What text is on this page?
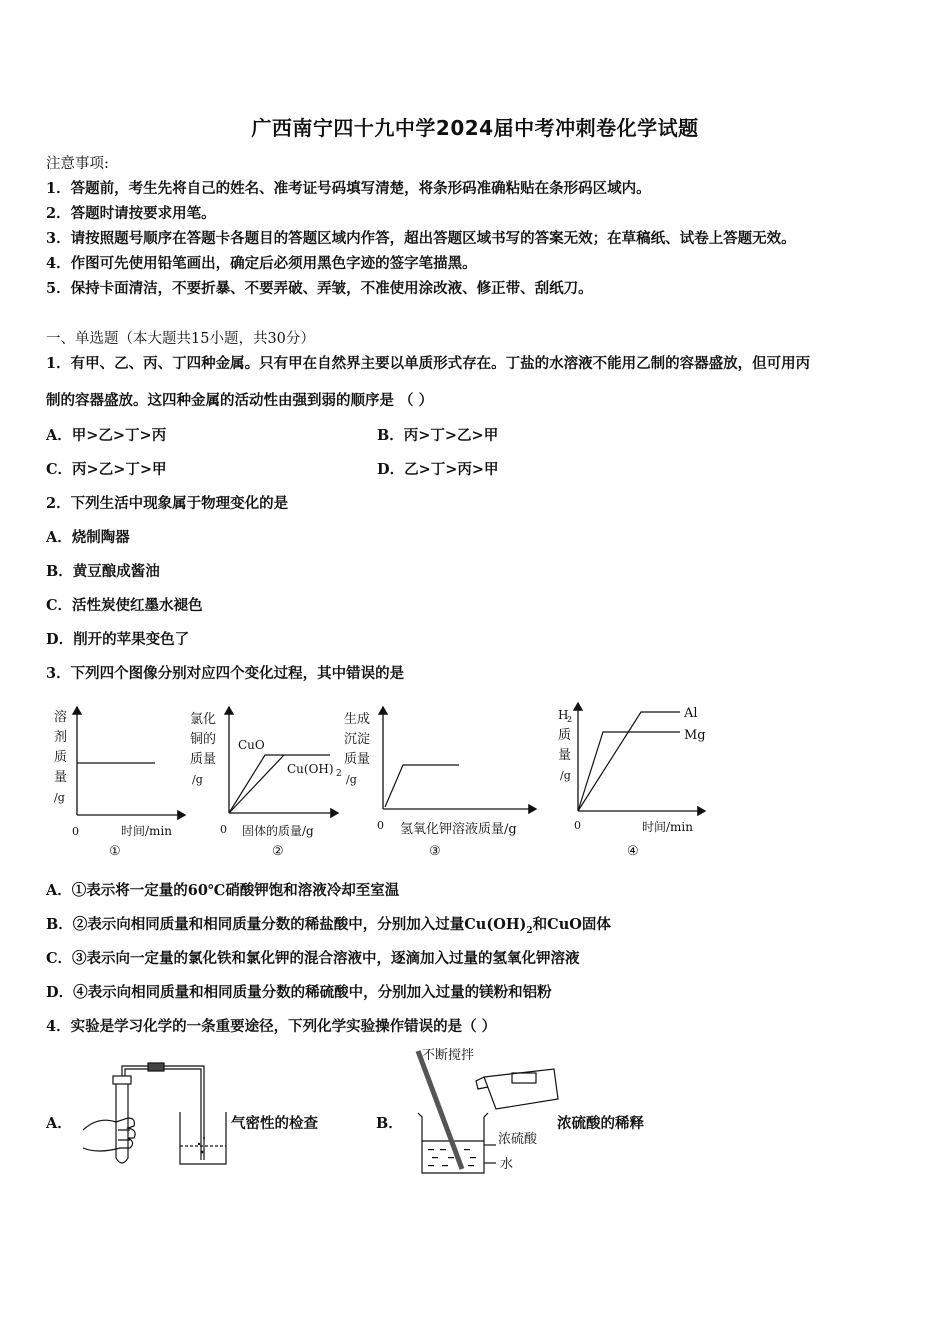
广西南宁四十九中学2024届中考冲刺卷化学试题
注意事项:
1．答题前，考生先将自己的姓名、准考证号码填写清楚，将条形码准确粘贴在条形码区域内。
2．答题时请按要求用笔。
3．请按照题号顺序在答题卡各题目的答题区域内作答，超出答题区域书写的答案无效；在草稿纸、试卷上答题无效。
4．作图可先使用铅笔画出，确定后必须用黑色字迹的签字笔描黑。
5．保持卡面清洁，不要折暴、不要弄破、弄皱，不准使用涂改液、修正带、刮纸刀。
一、单选题（本大题共15小题，共30分）
1．有甲、乙、丙、丁四种金属。只有甲在自然界主要以单质形式存在。丁盐的水溶液不能用乙制的容器盛放，但可用丙
制的容器盛放。这四种金属的活动性由强到弱的顺序是 （ ）
A．甲>乙>丁>丙	B．丙>丁>乙>甲
C．丙>乙>丁>甲	D．乙>丁>丙>甲
2．下列生活中现象属于物理变化的是
A．烧制陶器
B．黄豆酿成酱油
C．活性炭使红墨水褪色
D．削开的苹果变色了
3．下列四个图像分别对应四个变化过程，其中错误的是
溶
剂
质
量
/g
0	时间/min
①
氯化
铜的
质量
/g
CuO
Cu(OH) 2
0 固体的质量/g
②
生成
沉淀
质量
/g
0 氢氧化钾溶液质量/g
③
H
2
质
量
/g
Al
Mg
0	时间/min
④
A．①表示将一定量的60℃硝酸钾饱和溶液冷却至室温
B．②表示向相同质量和相同质量分数的稀盐酸中，分别加入过量$Cu(OH)_2$和CuO固体
C．③表示向一定量的氯化铁和氯化钾的混合溶液中，逐滴加入过量的氢氧化钾溶液
D．④表示向相同质量和相同质量分数的稀硫酸中，分别加入过量的镁粉和铝粉
4．实验是学习化学的一条重要途径，下列化学实验操作错误的是（ ）
A．	气密性的检查	B．	浓硫酸的稀释
不断搅拌
浓硫酸
水
